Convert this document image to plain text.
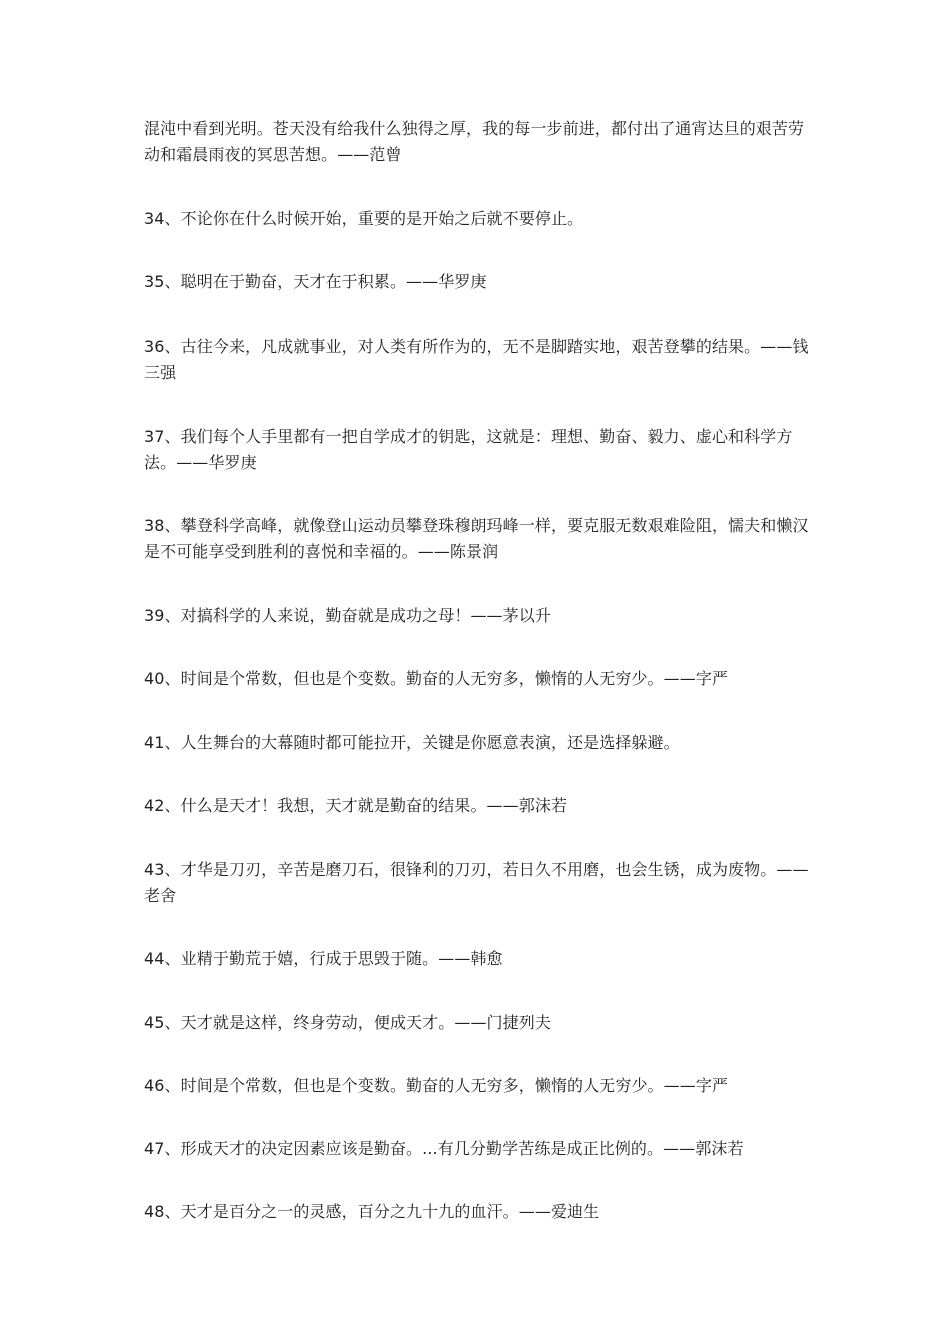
混沌中看到光明。苍天没有给我什么独得之厚，我的每一步前进，都付出了通宵达旦的艰苦劳动和霜晨雨夜的冥思苦想。——范曾

34、不论你在什么时候开始，重要的是开始之后就不要停止。

35、聪明在于勤奋，天才在于积累。——华罗庚

36、古往今来，凡成就事业，对人类有所作为的，无不是脚踏实地，艰苦登攀的结果。——钱三强

37、我们每个人手里都有一把自学成才的钥匙，这就是：理想、勤奋、毅力、虚心和科学方法。——华罗庚

38、攀登科学高峰，就像登山运动员攀登珠穆朗玛峰一样，要克服无数艰难险阻，懦夫和懒汉是不可能享受到胜利的喜悦和幸福的。——陈景润

39、对搞科学的人来说，勤奋就是成功之母！——茅以升

40、时间是个常数，但也是个变数。勤奋的人无穷多，懒惰的人无穷少。——字严

41、人生舞台的大幕随时都可能拉开，关键是你愿意表演，还是选择躲避。

42、什么是天才！我想，天才就是勤奋的结果。——郭沫若

43、才华是刀刃，辛苦是磨刀石，很锋利的刀刃，若日久不用磨，也会生锈，成为废物。——老舍

44、业精于勤荒于嬉，行成于思毁于随。——韩愈

45、天才就是这样，终身劳动，便成天才。——门捷列夫

46、时间是个常数，但也是个变数。勤奋的人无穷多，懒惰的人无穷少。——字严

47、形成天才的决定因素应该是勤奋。...有几分勤学苦练是成正比例的。——郭沫若

48、天才是百分之一的灵感，百分之九十九的血汗。——爱迪生
